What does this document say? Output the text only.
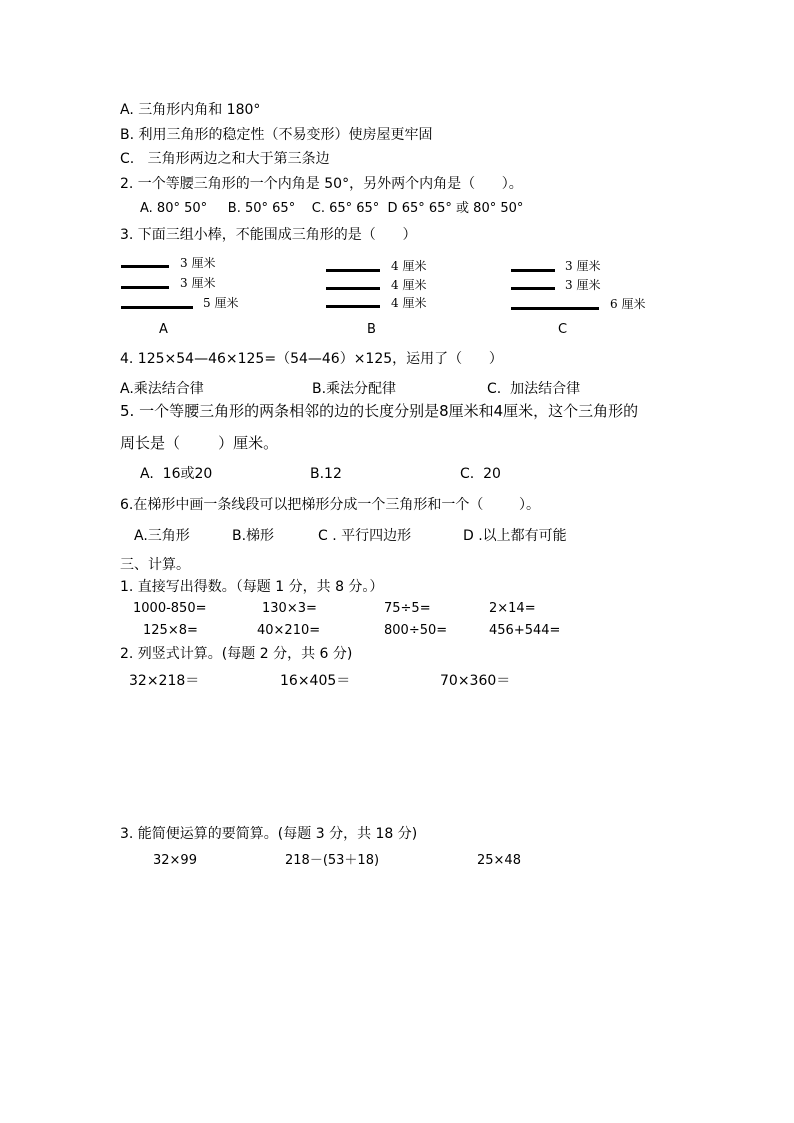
A. 三角形内角和 180°
B. 利用三角形的稳定性（不易变形）使房屋更牢固
C.   三角形两边之和大于第三条边
2. 一个等腰三角形的一个内角是 50°，另外两个内角是（      ）。
A. 80° 50°     B. 50° 65°    C. 65° 65°  D 65° 65° 或 80° 50°
3. 下面三组小棒，不能围成三角形的是（      ）
3 厘米
3 厘米
5 厘米
A
4 厘米
4 厘米
4 厘米
B
3 厘米
3 厘米
6 厘米
C
4. 125×54—46×125=（54—46）×125，运用了（      ）
A.乘法结合律	B.乘法分配律	C.  加法结合律
5. 一个等腰三角形的两条相邻的边的长度分别是8厘米和4厘米，这个三角形的
周长是（        ）厘米。
A.  16或20	B.12	C.  20
6.在梯形中画一条线段可以把梯形分成一个三角形和一个（        ）。
A.三角形	B.梯形	C . 平行四边形	D .以上都有可能
三、计算。
1. 直接写出得数。（每题 1 分，共 8 分。）
1000-850=	130×3=	75÷5=	2×14=
125×8=	40×210=	800÷50=	456+544=
2. 列竖式计算。(每题 2 分，共 6 分)
32×218＝	16×405＝	70×360＝
3. 能简便运算的要简算。(每题 3 分，共 18 分)
32×99	218－(53＋18)	25×48
